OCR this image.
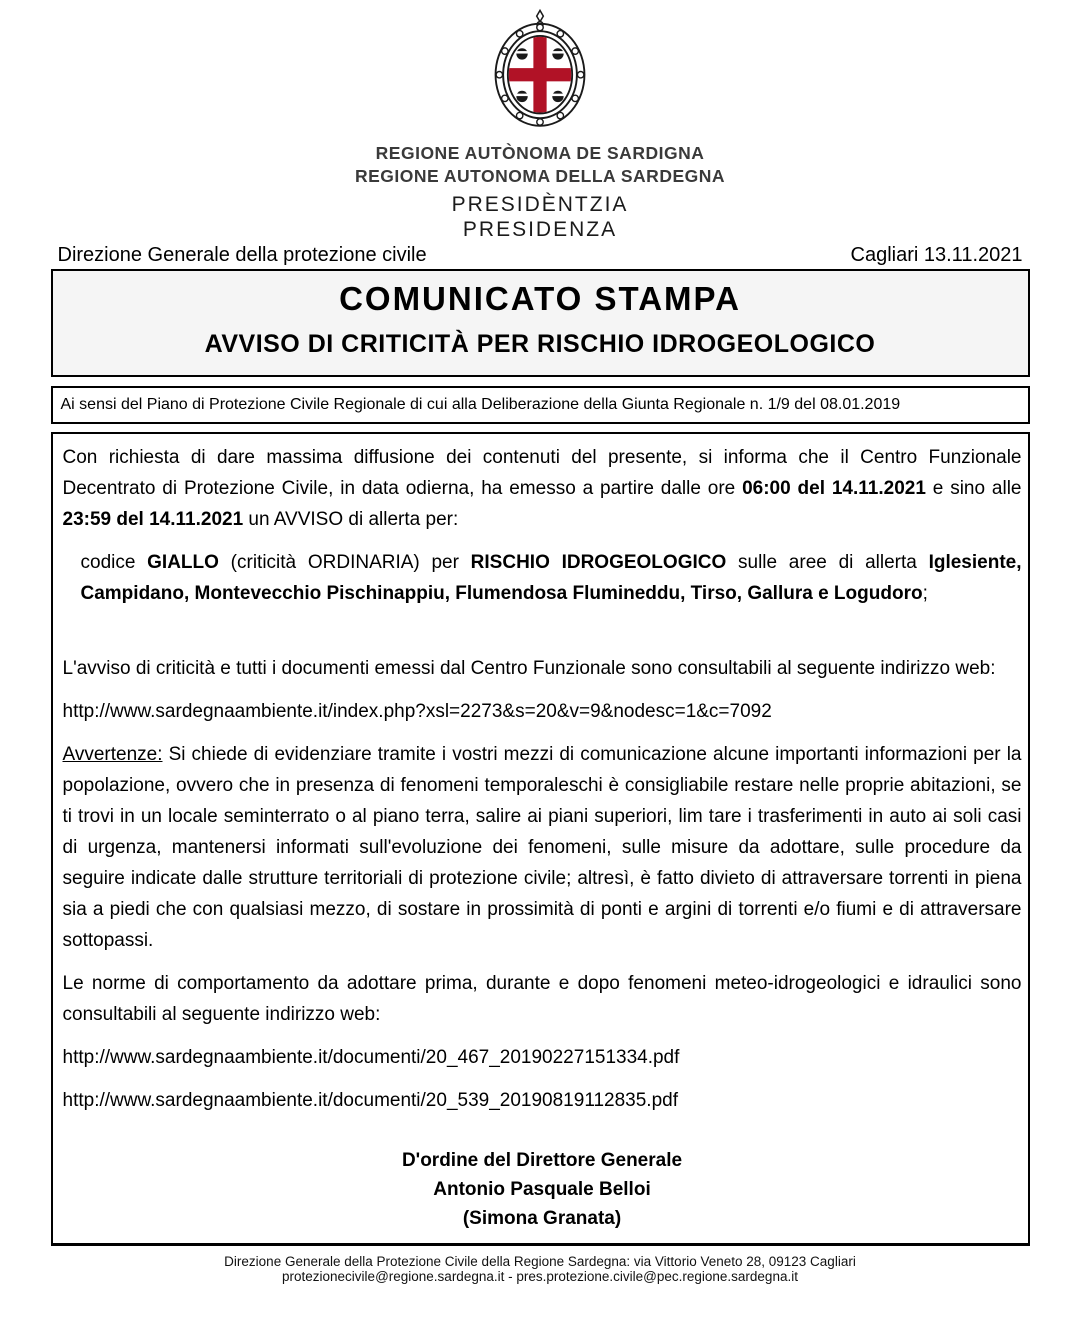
REGIONE AUTÒNOMA DE SARDIGNA
REGIONE AUTONOMA DELLA SARDEGNA
PRESIDÈNTZIA
PRESIDENZA
Direzione Generale della protezione civile	Cagliari 13.11.2021
COMUNICATO STAMPA
AVVISO DI CRITICITÀ PER RISCHIO IDROGEOLOGICO
Ai sensi del Piano di Protezione Civile Regionale di cui alla Deliberazione della Giunta Regionale n. 1/9 del 08.01.2019

Con richiesta di dare massima diffusione dei contenuti del presente, si informa che il Centro Funzionale Decentrato di Protezione Civile, in data odierna, ha emesso a partire dalle ore 06:00 del 14.11.2021 e sino alle 23:59 del 14.11.2021 un AVVISO di allerta per:

codice GIALLO (criticità ORDINARIA) per RISCHIO IDROGEOLOGICO sulle aree di allerta Iglesiente, Campidano, Montevecchio Pischinappiu, Flumendosa Flumineddu, Tirso, Gallura e Logudoro;

L'avviso di criticità e tutti i documenti emessi dal Centro Funzionale sono consultabili al seguente indirizzo web:

http://www.sardegnaambiente.it/index.php?xsl=2273&s=20&v=9&nodesc=1&c=7092

Avvertenze: Si chiede di evidenziare tramite i vostri mezzi di comunicazione alcune importanti informazioni per la popolazione, ovvero che in presenza di fenomeni temporaleschi è consigliabile restare nelle proprie abitazioni, se ti trovi in un locale seminterrato o al piano terra, salire ai piani superiori, lim tare i trasferimenti in auto ai soli casi di urgenza, mantenersi informati sull'evoluzione dei fenomeni, sulle misure da adottare, sulle procedure da seguire indicate dalle strutture territoriali di protezione civile; altresì, è fatto divieto di attraversare torrenti in piena sia a piedi che con qualsiasi mezzo, di sostare in prossimità di ponti e argini di torrenti e/o fiumi e di attraversare sottopassi.

Le norme di comportamento da adottare prima, durante e dopo fenomeni meteo-idrogeologici e idraulici sono consultabili al seguente indirizzo web:

http://www.sardegnaambiente.it/documenti/20_467_20190227151334.pdf

http://www.sardegnaambiente.it/documenti/20_539_20190819112835.pdf

D'ordine del Direttore Generale
Antonio Pasquale Belloi
(Simona Granata)
Direzione Generale della Protezione Civile della Regione Sardegna: via Vittorio Veneto 28, 09123 Cagliari
protezionecivile@regione.sardegna.it - pres.protezione.civile@pec.regione.sardegna.it
